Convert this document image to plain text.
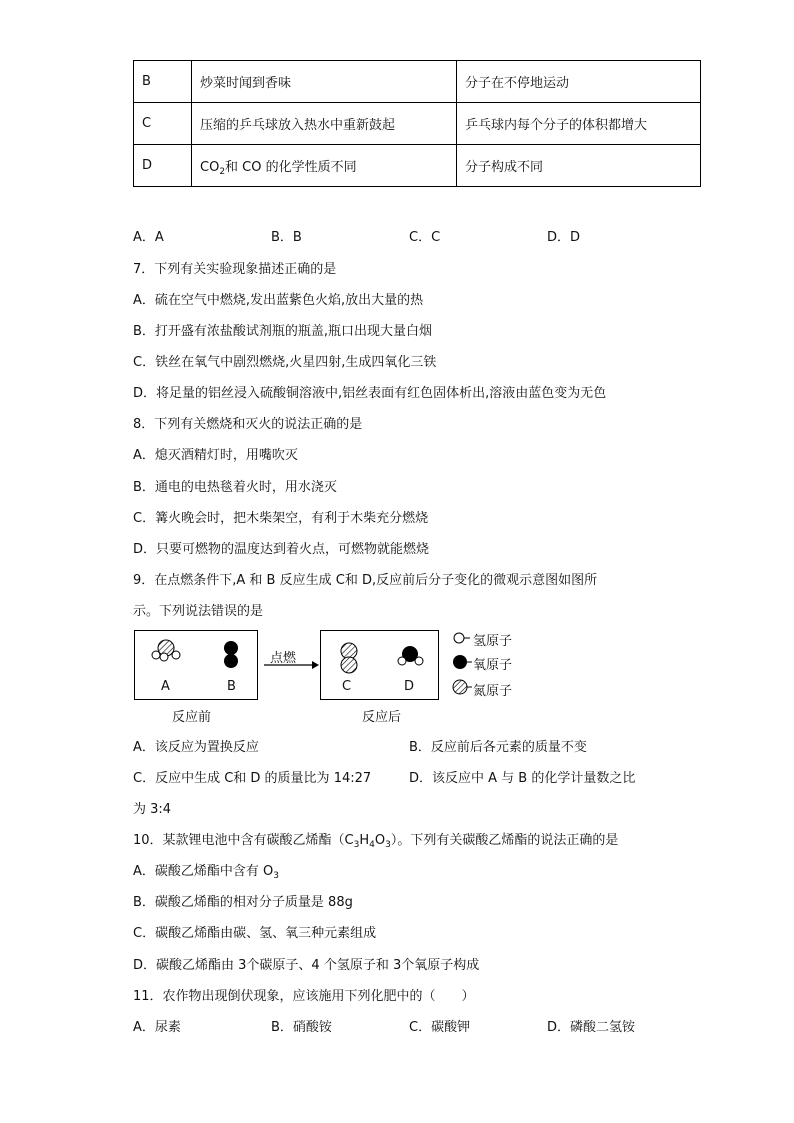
B	炒菜时闻到香味	分子在不停地运动
C	压缩的乒乓球放入热水中重新鼓起	乒乓球内每个分子的体积都增大
D	$CO_2$和 CO 的化学性质不同	分子构成不同
A．A	B．B	C．C	D．D
7．下列有关实验现象描述正确的是
A．硫在空气中燃烧,发出蓝紫色火焰,放出大量的热
B．打开盛有浓盐酸试剂瓶的瓶盖,瓶口出现大量白烟
C．铁丝在氧气中剧烈燃烧,火星四射,生成四氧化三铁
D．将足量的铝丝浸入硫酸铜溶液中,铝丝表面有红色固体析出,溶液由蓝色变为无色
8．下列有关燃烧和灭火的说法正确的是
A．熄灭酒精灯时，用嘴吹灭
B．通电的电热毯着火时，用水浇灭
C．篝火晚会时，把木柴架空，有利于木柴充分燃烧
D．只要可燃物的温度达到着火点，可燃物就能燃烧
9．在点燃条件下,A 和 B 反应生成 C和 D,反应前后分子变化的微观示意图如图所
示。下列说法错误的是
A	B
点燃
C	D
氢原子
氧原子
氮原子
反应前	反应后
A．该反应为置换反应	B．反应前后各元素的质量不变
C．反应中生成 C和 D 的质量比为 14:27	D．该反应中 A 与 B 的化学计量数之比
为 3:4
10．某款锂电池中含有碳酸乙烯酯$(C_3H_4O_3)$。下列有关碳酸乙烯酯的说法正确的是
A．碳酸乙烯酯中含有 $O_3$
B．碳酸乙烯酯的相对分子质量是 88g
C．碳酸乙烯酯由碳、氢、氧三种元素组成
D．碳酸乙烯酯由 3个碳原子、4 个氢原子和 3个氧原子构成
11．农作物出现倒伏现象，应该施用下列化肥中的（　　）
A．尿素	B．硝酸铵	C．碳酸钾	D．磷酸二氢铵
